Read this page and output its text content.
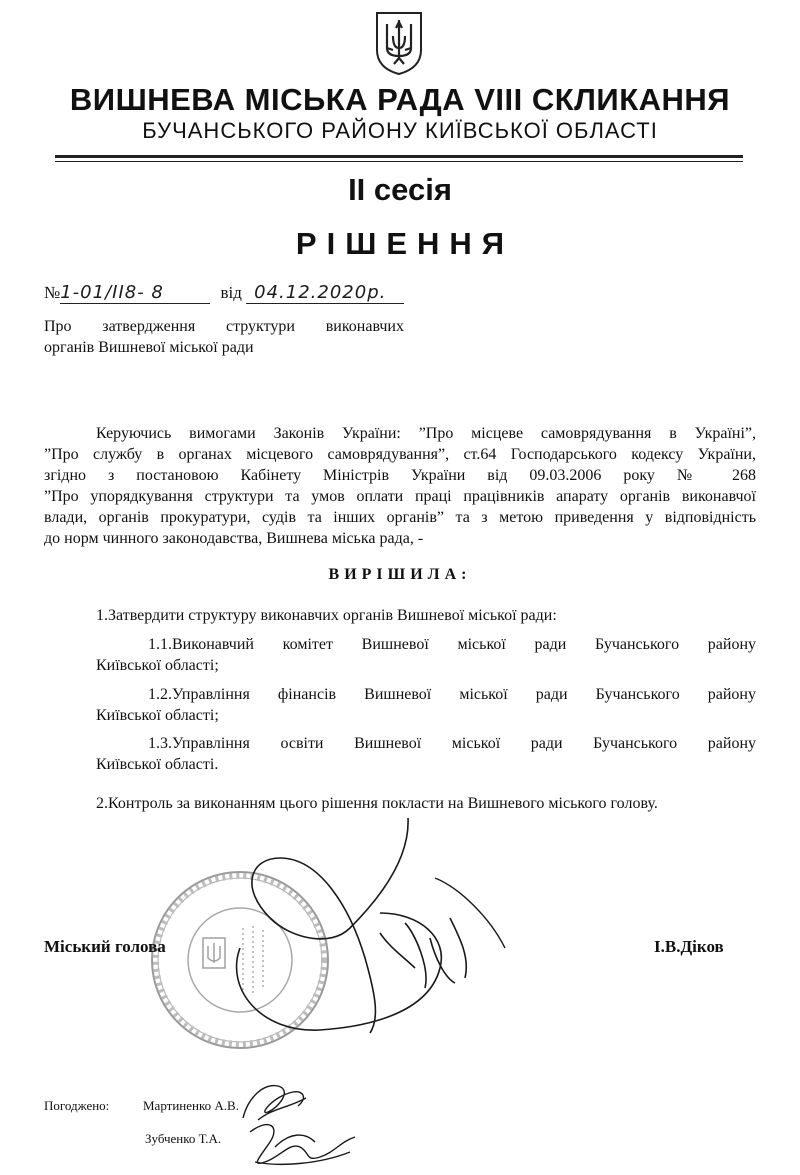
ВИШНЕВА МІСЬКА РАДА VIII СКЛИКАННЯ
БУЧАНСЬКОГО РАЙОНУ КИЇВСЬКОЇ ОБЛАСТІ
ІІ сесія
РІШЕННЯ
№1-01/ІІ8- 8	від 04.12.2020р.
Про затвердження структури виконавчих
органів Вишневої міської ради
Керуючись вимогами Законів України: ”Про місцеве самоврядування в Україні”,
”Про службу в органах місцевого самоврядування”, ст.64 Господарського кодексу України,
згідно з постановою Кабінету Міністрів України від 09.03.2006 року № 268
”Про упорядкування структури та умов оплати праці працівників апарату органів виконавчої
влади, органів прокуратури, судів та інших органів” та з метою приведення у відповідність
до норм чинного законодавства, Вишнева міська рада, -
ВИРІШИЛА:
1.Затвердити структуру виконавчих органів Вишневої міської ради:
1.1.Виконавчий комітет Вишневої міської ради Бучанського району
Київської області;
1.2.Управління фінансів Вишневої міської ради Бучанського району
Київської області;
1.3.Управління освіти Вишневої міської ради Бучанського району
Київської області.
2.Контроль за виконанням цього рішення покласти на Вишневого міського голову.
Міський голова	І.В.Діков
Погоджено:	Мартиненко А.В.
Зубченко Т.А.
